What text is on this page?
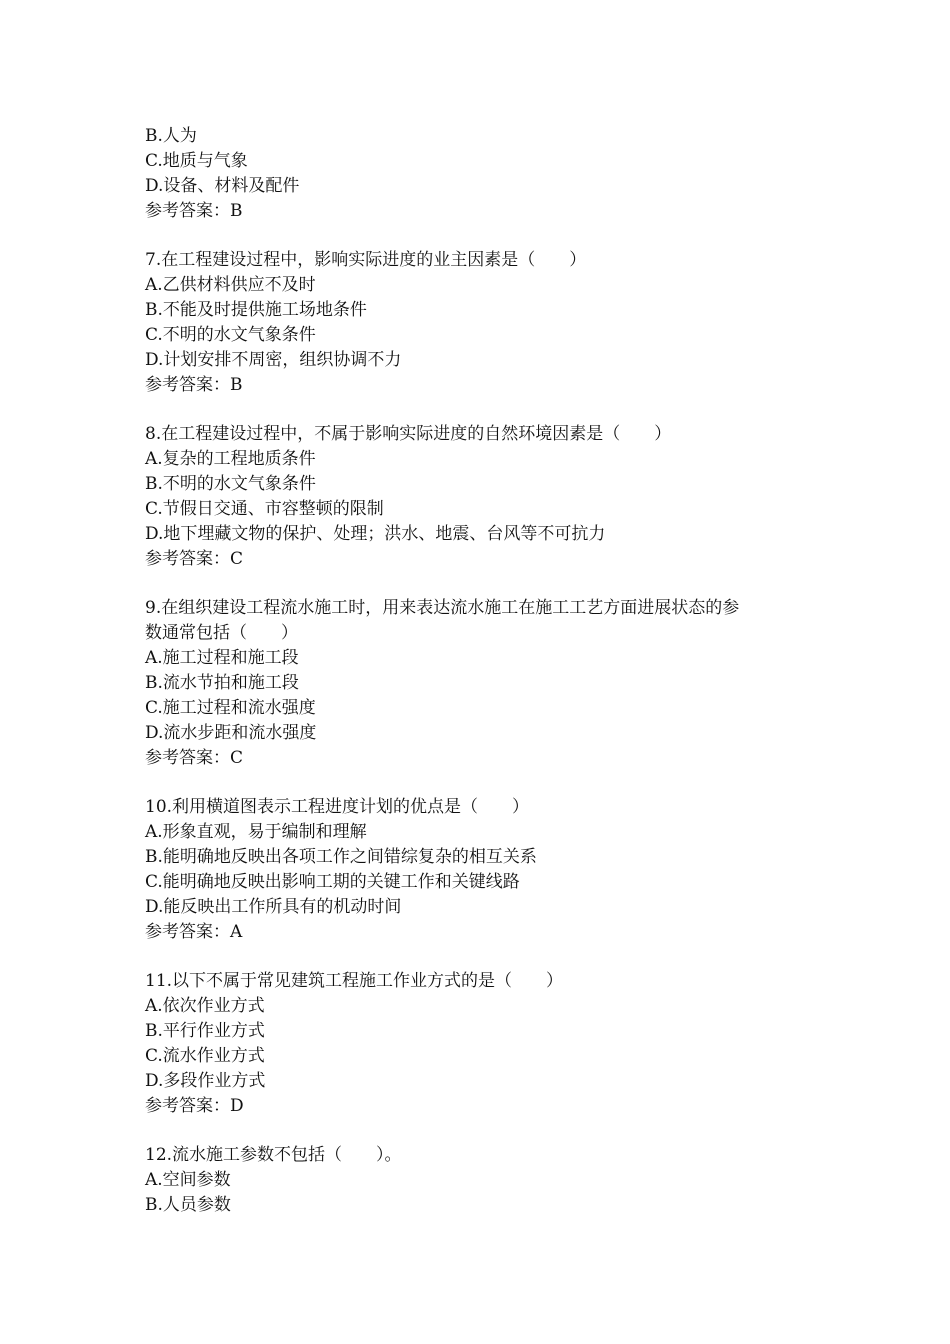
B.人为
C.地质与气象
D.设备、材料及配件
参考答案：B
7.在工程建设过程中，影响实际进度的业主因素是（　　）
A.乙供材料供应不及时
B.不能及时提供施工场地条件
C.不明的水文气象条件
D.计划安排不周密，组织协调不力
参考答案：B
8.在工程建设过程中，不属于影响实际进度的自然环境因素是（　　）
A.复杂的工程地质条件
B.不明的水文气象条件
C.节假日交通、市容整顿的限制
D.地下埋藏文物的保护、处理；洪水、地震、台风等不可抗力
参考答案：C
9.在组织建设工程流水施工时，用来表达流水施工在施工工艺方面进展状态的参
数通常包括（　　）
A.施工过程和施工段
B.流水节拍和施工段
C.施工过程和流水强度
D.流水步距和流水强度
参考答案：C
10.利用横道图表示工程进度计划的优点是（　　）
A.形象直观，易于编制和理解
B.能明确地反映出各项工作之间错综复杂的相互关系
C.能明确地反映出影响工期的关键工作和关键线路
D.能反映出工作所具有的机动时间
参考答案：A
11.以下不属于常见建筑工程施工作业方式的是（　　）
A.依次作业方式
B.平行作业方式
C.流水作业方式
D.多段作业方式
参考答案：D
12.流水施工参数不包括（　　）。
A.空间参数
B.人员参数
